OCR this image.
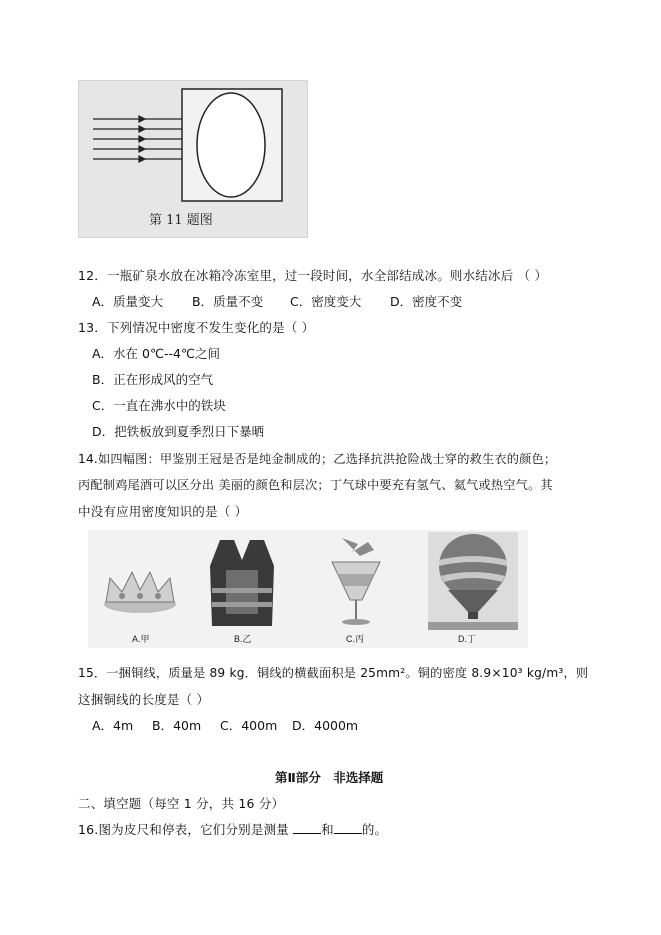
第 11 题图
12．一瓶矿泉水放在冰箱冷冻室里，过一段时间，水全部结成冰。则水结冰后 （ ）
A．质量变大 B．质量不变 C．密度变大 D．密度不变
13．下列情况中密度不发生变化的是（ ）
A．水在 0℃--4℃之间
B．正在形成风的空气
C．一直在沸水中的铁块
D．把铁板放到夏季烈日下暴晒
14.如四幅图：甲鉴别王冠是否是纯金制成的；乙选择抗洪抢险战士穿的救生衣的颜色；
丙配制鸡尾酒可以区分出 美丽的颜色和层次；丁气球中要充有氢气、氦气或热空气。其
中没有应用密度知识的是（ ）
A.甲	B.乙	C.丙	D.丁
15．一捆铜线，质量是 89 kg．铜线的横截面积是 25mm²。铜的密度 8.9×10³ kg/m³，则
这捆铜线的长度是（ ）
A．4m B．40m C．400m D．4000m
第Ⅱ部分　非选择题
二、填空题（每空 1 分，共 16 分）
16.图为皮尺和停表，它们分别是测量 和 的。
